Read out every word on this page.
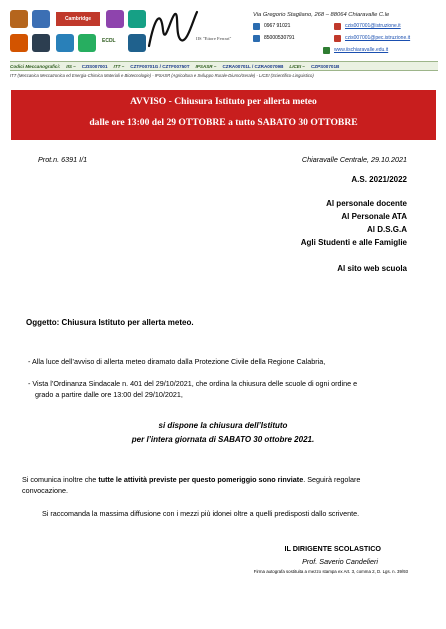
Cambridge
ECDL	IIS "Ettore Ferrari"
Via Gregorio Stagliano, 268 – 88064 Chiaravalle C.le
0967 91021	czis007001@istruzione.it
85000530791	czis007001@pec.istruzione.it
www.iischiaravalle.edu.it
Codici Meccanografici: IIS – CZIS007001 ITT – CZTF00701G / CZTF00750T IPSASR – CZRA00701L / CZRA00709B LICEI – CZPS00701B
ITT (Meccanica Meccatronica ed Energia-Chimica Materiali e Biotecnologie) - IPSASR (Agricoltura e Sviluppo Rurale-Diurno/Serale) - LICEI (Scientifico-Linguistico)
AVVISO - Chiusura Istituto per allerta meteo
dalle ore 13:00 del 29 OTTOBRE a tutto SABATO 30 OTTOBRE
Prot.n. 6391 I/1	Chiaravalle Centrale, 29.10.2021
A.S. 2021/2022
Al personale docente
Al Personale ATA
Al D.S.G.A
Agli Studenti e alle Famiglie
Al sito web scuola
Oggetto: Chiusura Istituto per allerta meteo.
- Alla luce dell’avviso di allerta meteo diramato dalla Protezione Civile della Regione Calabria,
- Vista l’Ordinanza Sindacale n. 401 del 29/10/2021, che ordina la chiusura delle scuole di ogni ordine e
grado a partire dalle ore 13:00 del 29/10/2021,
si dispone la chiusura dell’Istituto
per l’intera giornata di SABATO 30 ottobre 2021.
Si comunica inoltre che tutte le attività previste per questo pomeriggio sono rinviate. Seguirà regolare
convocazione.
Si raccomanda la massima diffusione con i mezzi più idonei oltre a quelli predisposti dallo scrivente.
IL DIRIGENTE SCOLASTICO
Prof. Saverio Candelieri
Firma autografa sostituita a mezzo stampa ex Art. 3, comma 2, D. Lgs. n. 39/93
